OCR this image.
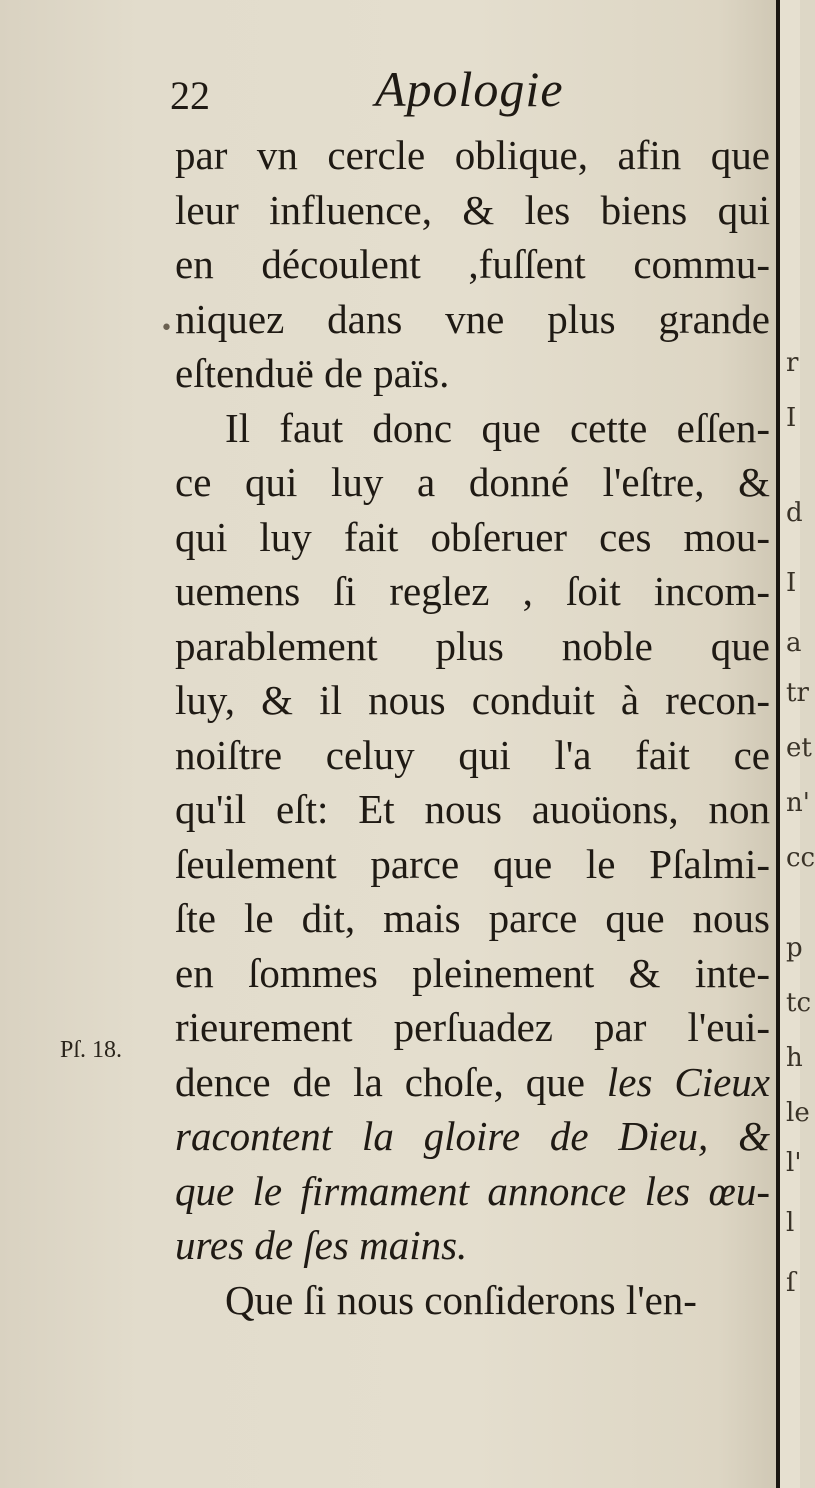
22	Apologie
•
par vn cercle oblique, afin que
leur influence, & les biens qui
en découlent ,fuſſent commu-
niquez dans vne plus grande
eſtenduë de païs.
Il faut donc que cette eſſen-
ce qui luy a donné l'eſtre, &
qui luy fait obſeruer ces mou-
uemens ſi reglez , ſoit incom-
parablement plus noble que
luy, & il nous conduit à recon-
noiſtre celuy qui l'a fait ce
qu'il eſt: Et nous auoüons, non
ſeulement parce que le Pſalmi-
ſte le dit, mais parce que nous
en ſommes pleinement & inte-
rieurement perſuadez par l'eui-
dence de la choſe, que les Cieux
racontent la gloire de Dieu, &
que le firmament annonce les œu-
ures de ſes mains.
Que ſi nous conſiderons l'en-
Pſ. 18.
r
I
d
I
a
tr
et
n'
cc
p
tc
h
le
l'
l
ſ
